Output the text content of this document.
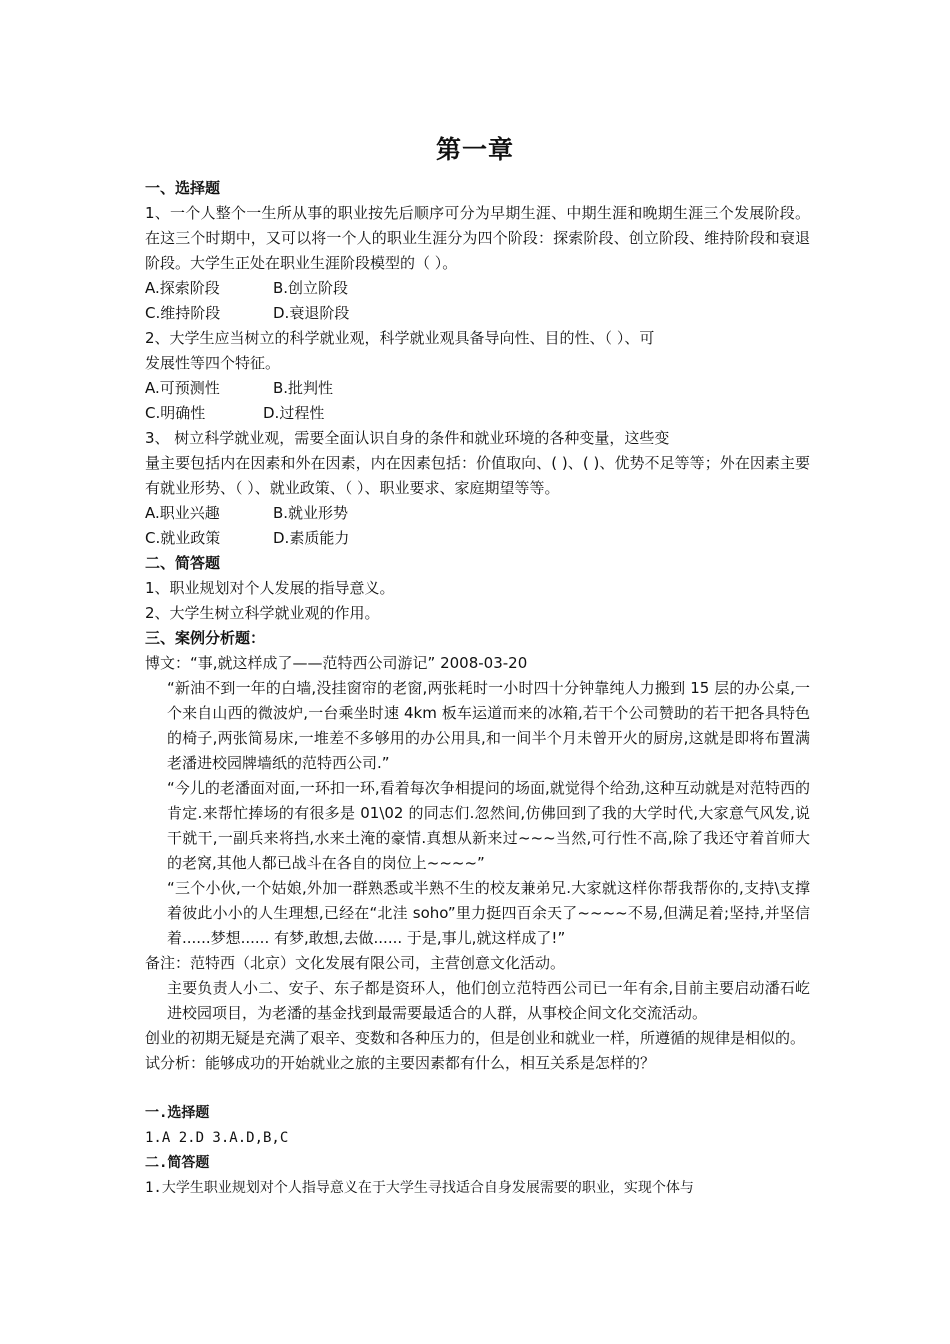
第一章
一、选择题
1、一个人整个一生所从事的职业按先后顺序可分为早期生涯、中期生涯和晚期生涯三个发展阶段。在这三个时期中，又可以将一个人的职业生涯分为四个阶段：探索阶段、创立阶段、维持阶段和衰退阶段。大学生正处在职业生涯阶段模型的（ ）。
A.探索阶段	B.创立阶段
C.维持阶段	D.衰退阶段
2、大学生应当树立的科学就业观，科学就业观具备导向性、目的性、（ ）、可
发展性等四个特征。
A.可预测性	B.批判性
C.明确性	D.过程性
3、 树立科学就业观，需要全面认识自身的条件和就业环境的各种变量，这些变
量主要包括内在因素和外在因素，内在因素包括：价值取向、( )、( )、优势不足等等；外在因素主要有就业形势、（ ）、就业政策、（ ）、职业要求、家庭期望等等。
A.职业兴趣	B.就业形势
C.就业政策	D.素质能力
二、简答题
1、职业规划对个人发展的指导意义。
2、大学生树立科学就业观的作用。
三、案例分析题：
博文：“事,就这样成了——范特西公司游记” 2008-03-20
“新油不到一年的白墙,没挂窗帘的老窗,两张耗时一小时四十分钟靠纯人力搬到 15 层的办公桌,一个来自山西的微波炉,一台乘坐时速 4km 板车运道而来的冰箱,若干个公司赞助的若干把各具特色的椅子,两张简易床,一堆差不多够用的办公用具,和一间半个月未曾开火的厨房,这就是即将布置满老潘进校园牌墙纸的范特西公司.”
“今儿的老潘面对面,一环扣一环,看着每次争相提问的场面,就觉得个给劲,这种互动就是对范特西的肯定.来帮忙捧场的有很多是 01\02 的同志们.忽然间,仿佛回到了我的大学时代,大家意气风发,说干就干,一副兵来将挡,水来土淹的豪情.真想从新来过~~~当然,可行性不高,除了我还守着首师大的老窝,其他人都已战斗在各自的岗位上~~~~”
“三个小伙,一个姑娘,外加一群熟悉或半熟不生的校友兼弟兄.大家就这样你帮我帮你的,支持\支撑着彼此小小的人生理想,已经在“北洼 soho”里力挺四百余天了~~~~不易,但满足着;坚持,并坚信着......梦想...... 有梦,敢想,去做...... 于是,事儿,就这样成了!”
备注：范特西（北京）文化发展有限公司，主营创意文化活动。
主要负责人小二、安子、东子都是资环人，他们创立范特西公司已一年有余,目前主要启动潘石屹进校园项目，为老潘的基金找到最需要最适合的人群，从事校企间文化交流活动。
创业的初期无疑是充满了艰辛、变数和各种压力的，但是创业和就业一样，所遵循的规律是相似的。
试分析：能够成功的开始就业之旅的主要因素都有什么，相互关系是怎样的？
一.选择题
1.A 2.D 3.A.D,B,C
二.简答题
1.大学生职业规划对个人指导意义在于大学生寻找适合自身发展需要的职业，实现个体与
